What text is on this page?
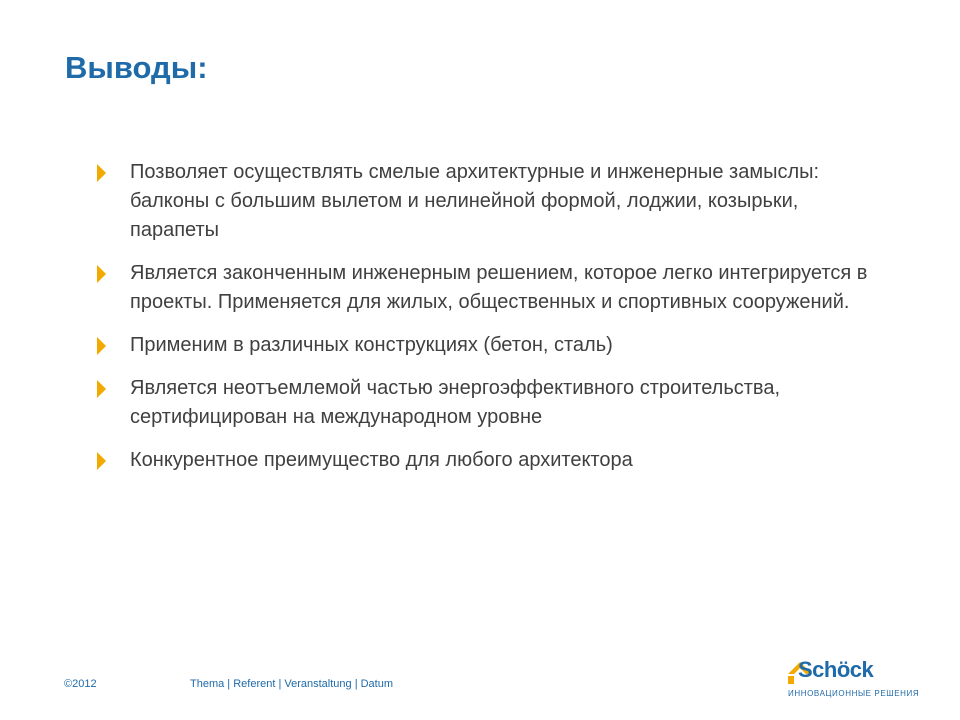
Выводы:
Позволяет осуществлять смелые архитектурные и инженерные замыслы: балконы с большим вылетом и нелинейной формой, лоджии, козырьки, парапеты
Является законченным инженерным решением, которое легко интегрируется в проекты. Применяется для жилых, общественных и спортивных сооружений.
Применим в различных конструкциях (бетон, сталь)
Является неотъемлемой частью энергоэффективного строительства, сертифицирован на международном уровне
Конкурентное преимущество для любого архитектора
©2012	Thema | Referent | Veranstaltung | Datum
Schöck
ИННОВАЦИОННЫЕ РЕШЕНИЯ
